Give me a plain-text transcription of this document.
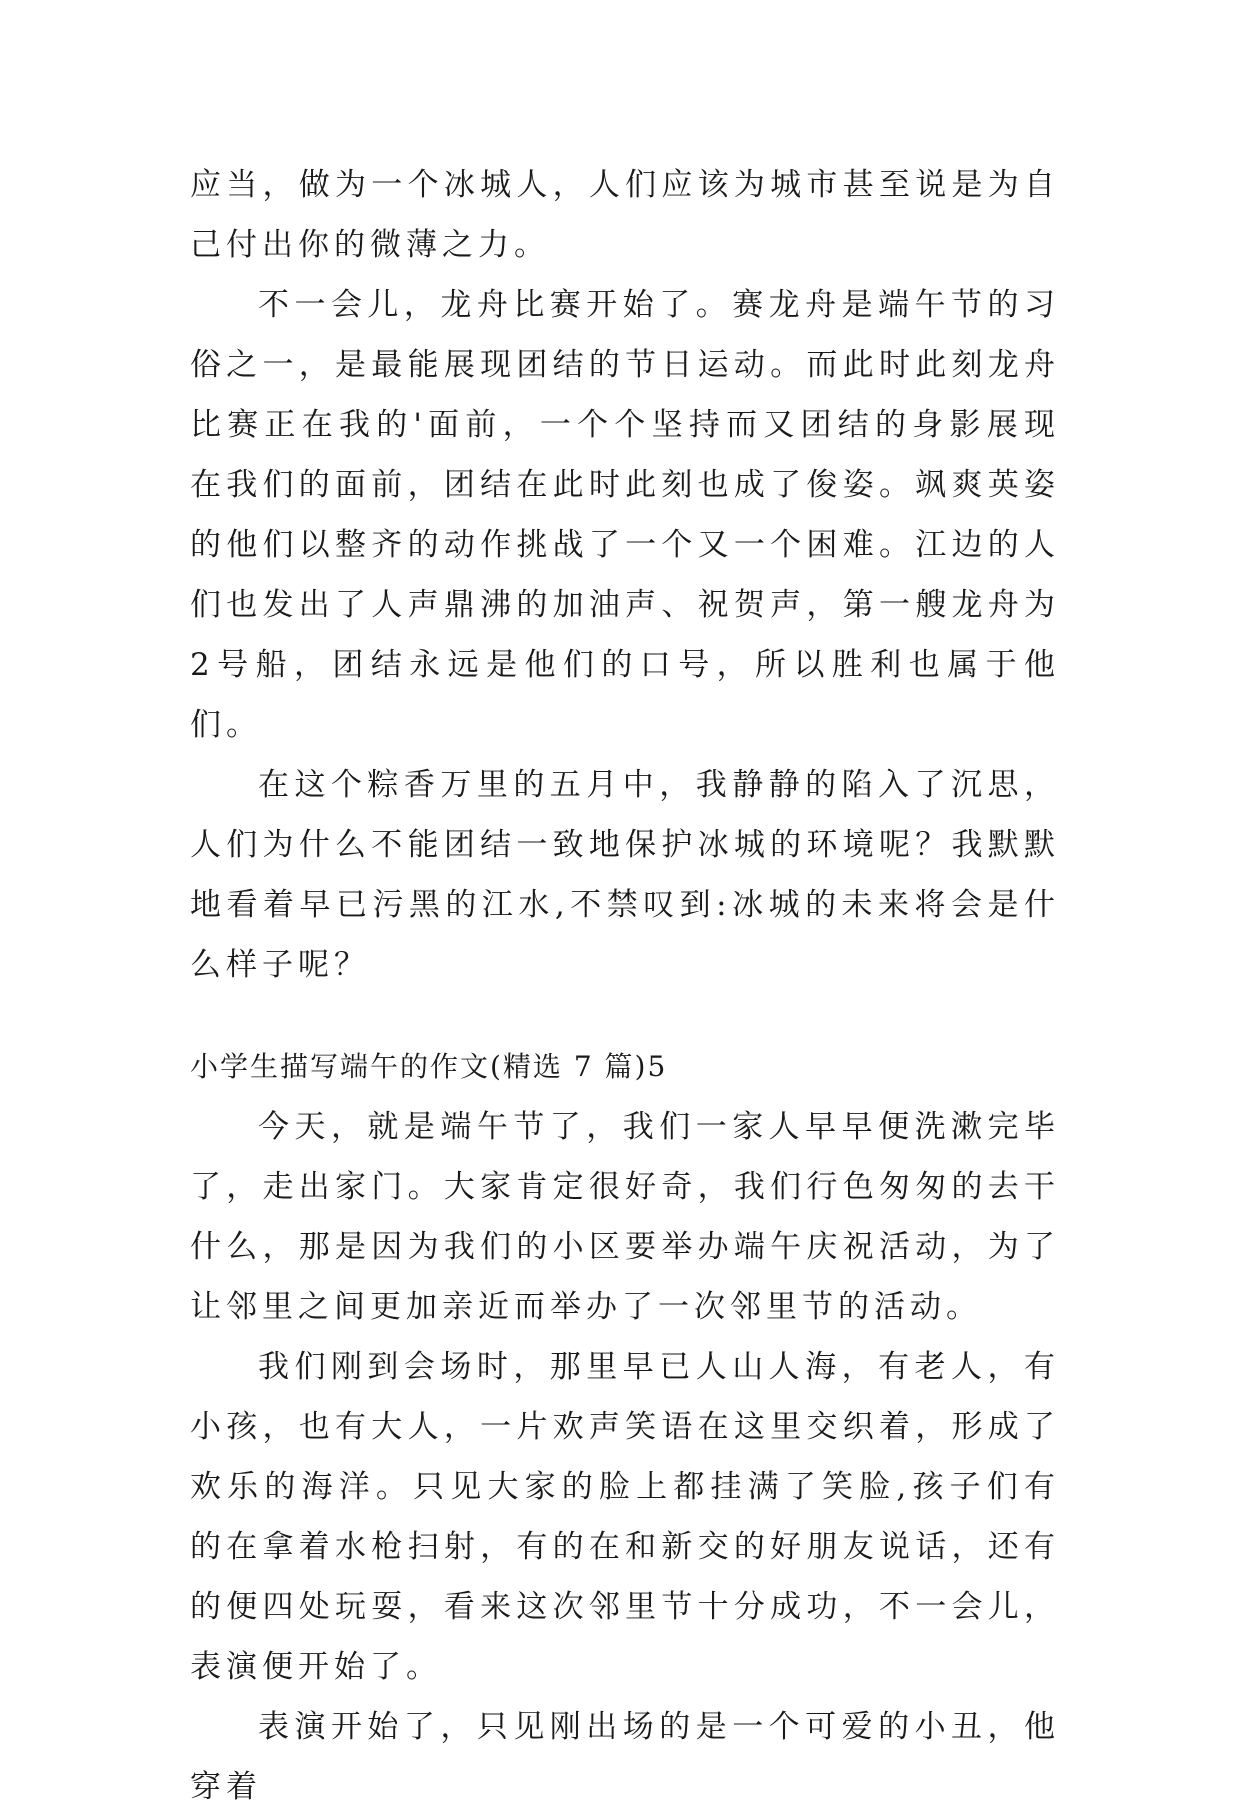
应当，做为一个冰城人，人们应该为城市甚至说是为自己付出你的微薄之力。

不一会儿，龙舟比赛开始了。赛龙舟是端午节的习俗之一，是最能展现团结的节日运动。而此时此刻龙舟比赛正在我的'面前，一个个坚持而又团结的身影展现在我们的面前，团结在此时此刻也成了俊姿。飒爽英姿的他们以整齐的动作挑战了一个又一个困难。江边的人们也发出了人声鼎沸的加油声、祝贺声，第一艘龙舟为2号船，团结永远是他们的口号，所以胜利也属于他们。

在这个粽香万里的五月中，我静静的陷入了沉思，人们为什么不能团结一致地保护冰城的环境呢？我默默地看着早已污黑的江水,不禁叹到:冰城的未来将会是什么样子呢？

小学生描写端午的作文(精选 7 篇)5

今天，就是端午节了，我们一家人早早便洗漱完毕了，走出家门。大家肯定很好奇，我们行色匆匆的去干什么，那是因为我们的小区要举办端午庆祝活动，为了让邻里之间更加亲近而举办了一次邻里节的活动。

我们刚到会场时，那里早已人山人海，有老人，有小孩，也有大人，一片欢声笑语在这里交织着，形成了欢乐的海洋。只见大家的脸上都挂满了笑脸,孩子们有的在拿着水枪扫射，有的在和新交的好朋友说话，还有的便四处玩耍，看来这次邻里节十分成功，不一会儿，表演便开始了。

表演开始了，只见刚出场的是一个可爱的小丑，他穿着
